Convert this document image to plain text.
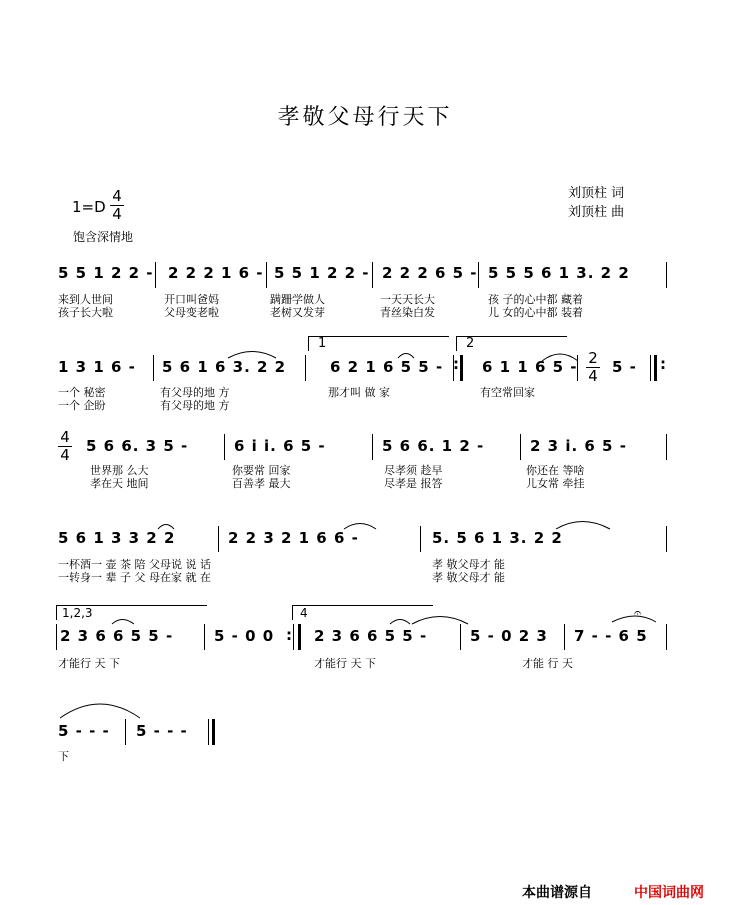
孝敬父母行天下
1=D
4
4
饱含深情地
刘顶柱 词
刘顶柱 曲
5 5 1 2 2 - 2 2 2 1 6 - 5 5 1 2 2 - 2 2 2 6 5 - 5 5 5 6 1 3. 2 2
来到人世间	开口叫爸妈	蹒跚学做人	一天天长大	孩 子的心中都 藏着
孩子长大啦	父母变老啦	老树又发芽	青丝染白发	儿 女的心中都 装着
:	:
1	2
2
4
1 3 1 6 - 5 6 1 6 3. 2 2	6 2 1 6 5 5 -	6 1 1 6 5 - 5 -
一个 秘密	有父母的地 方	那才叫 做 家	有空常回家
一个 企盼	有父母的地 方
4
4 5 6 6. 3 5 -	6 i i. 6 5 -	5 6 6. 1 2 -	2 3 i. 6 5 -
世界那 么大	你要常 回家	尽孝须 趁早	你还在 等啥
孝在天 地间	百善孝 最大	尽孝是 报答	儿女常 牵挂
5 6 1 3 3 2 2	2 2 3 2 1 6 6 -	5. 5 6 1 3. 2 2
一杯酒一 壶 茶 陪 父母说 说 话	孝 敬父母才 能
一转身一 辈 子 父 母在家 就 在	孝 敬父母才 能
1,2,3	4
:
2 3 6 6 5 5 -	5 - 0 0	2 3 6 6 5 5 -	5 - 0 2 3 7 - - 6 5
才能行 天 下	才能行 天 下	才能 行 天
𝄐
5 - - - 5 - - -
下
本曲谱源自	中国词曲网
